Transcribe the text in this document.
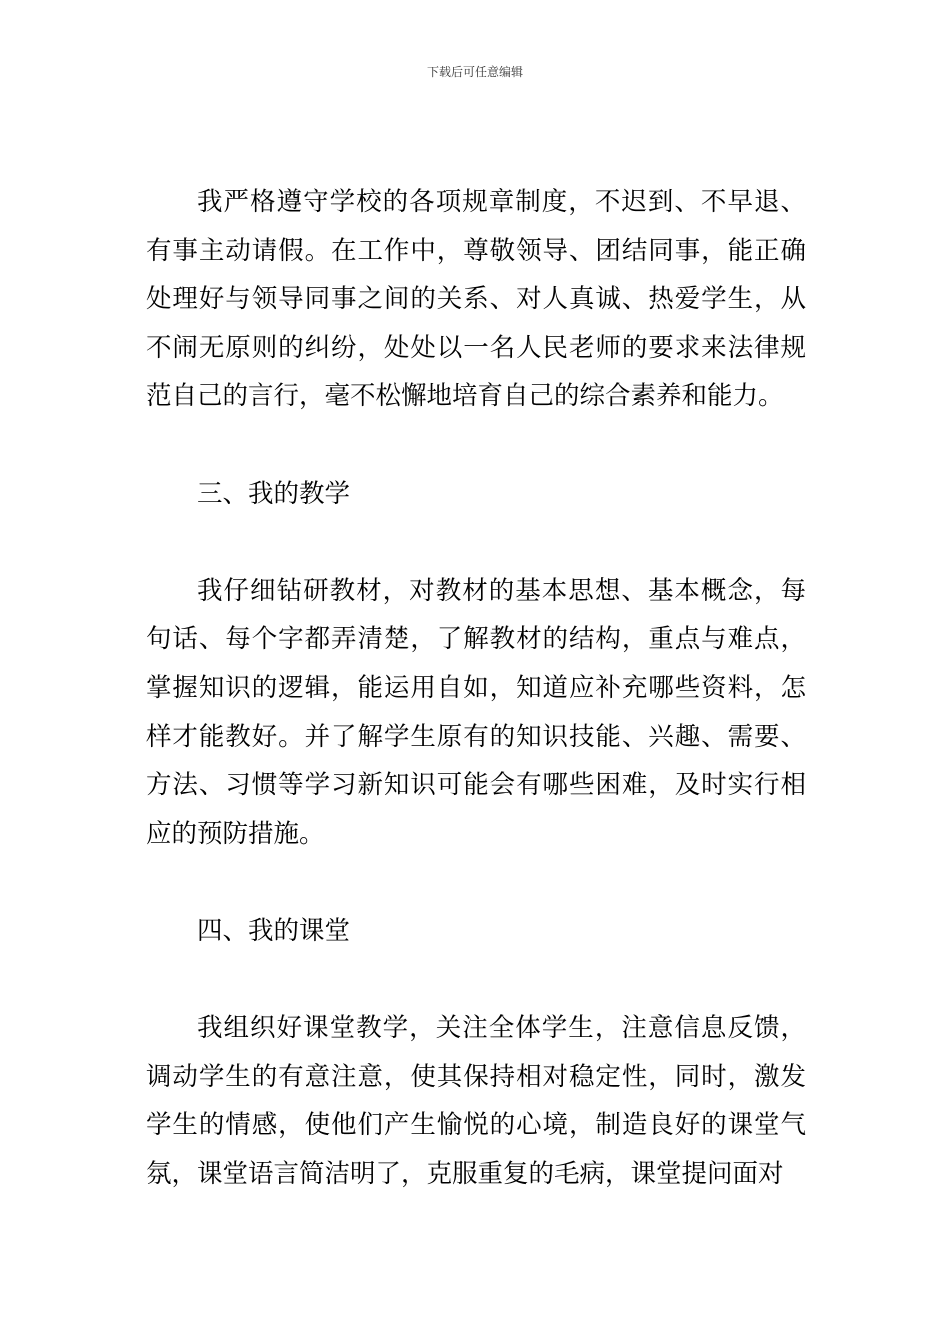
下载后可任意编辑

我严格遵守学校的各项规章制度，不迟到、不早退、有事主动请假。在工作中，尊敬领导、团结同事，能正确处理好与领导同事之间的关系、对人真诚、热爱学生，从不闹无原则的纠纷，处处以一名人民老师的要求来法律规范自己的言行，毫不松懈地培育自己的综合素养和能力。

三、我的教学

我仔细钻研教材，对教材的基本思想、基本概念，每句话、每个字都弄清楚，了解教材的结构，重点与难点，掌握知识的逻辑，能运用自如，知道应补充哪些资料，怎样才能教好。并了解学生原有的知识技能、兴趣、需要、方法、习惯等学习新知识可能会有哪些困难，及时实行相应的预防措施。

四、我的课堂

我组织好课堂教学，关注全体学生，注意信息反馈，调动学生的有意注意，使其保持相对稳定性，同时，激发学生的情感，使他们产生愉悦的心境，制造良好的课堂气氛，课堂语言简洁明了，克服重复的毛病，课堂提问面对
